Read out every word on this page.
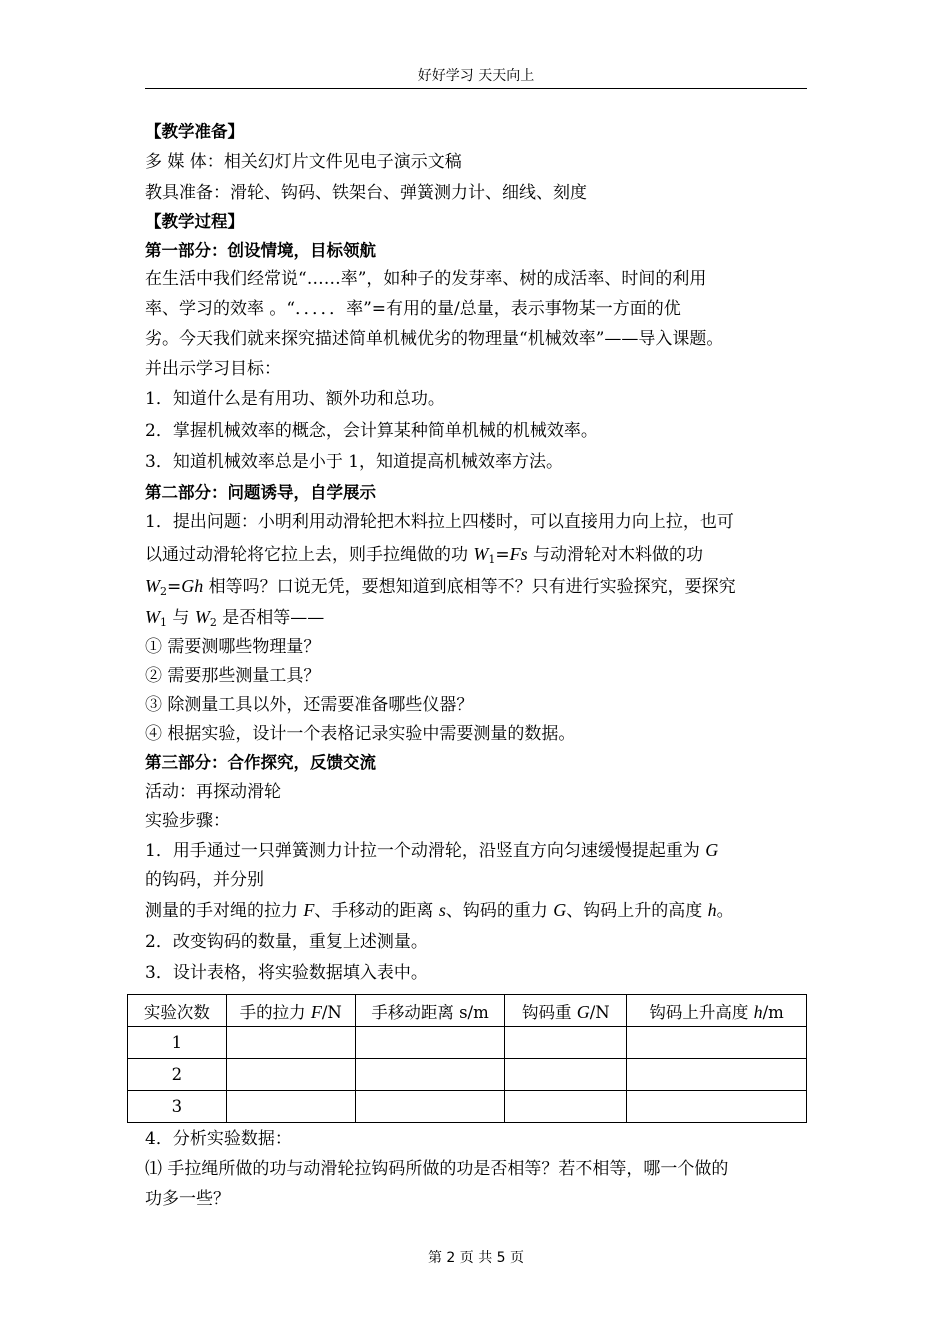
好好学习 天天向上
【教学准备】
多 媒 体：相关幻灯片文件见电子演示文稿
教具准备：滑轮、钩码、铁架台、弹簧测力计、细线、刻度
【教学过程】
第一部分：创设情境，目标领航
在生活中我们经常说“……率”，如种子的发芽率、树的成活率、时间的利用
率、学习的效率 。“．．．．．率”=有用的量/总量，表示事物某一方面的优
劣。今天我们就来探究描述简单机械优劣的物理量“机械效率”——导入课题。
并出示学习目标：
1．知道什么是有用功、额外功和总功。
2．掌握机械效率的概念，会计算某种简单机械的机械效率。
3．知道机械效率总是小于 1，知道提高机械效率方法。
第二部分：问题诱导，自学展示
1．提出问题：小明利用动滑轮把木料拉上四楼时，可以直接用力向上拉，也可
以通过动滑轮将它拉上去，则手拉绳做的功 $W_1=Fs$ 与动滑轮对木料做的功
$W_2=Gh$ 相等吗？口说无凭，要想知道到底相等不？只有进行实验探究，要探究
$W_1$ 与 $W_2$ 是否相等——
① 需要测哪些物理量？
② 需要那些测量工具？
③ 除测量工具以外，还需要准备哪些仪器？
④ 根据实验，设计一个表格记录实验中需要测量的数据。
第三部分：合作探究，反馈交流
活动：再探动滑轮
实验步骤：
1．用手通过一只弹簧测力计拉一个动滑轮，沿竖直方向匀速缓慢提起重为 G
的钩码，并分别
测量的手对绳的拉力 F、手移动的距离 s、钩码的重力 G、钩码上升的高度 h。
2．改变钩码的数量，重复上述测量。
3．设计表格，将实验数据填入表中。
实验次数	手的拉力 F/N	手移动距离 s/m	钩码重 G/N	钩码上升高度 h/m
1				
2				
3				
4．分析实验数据：
⑴ 手拉绳所做的功与动滑轮拉钩码所做的功是否相等？若不相等，哪一个做的
功多一些？
第 2 页 共 5 页
